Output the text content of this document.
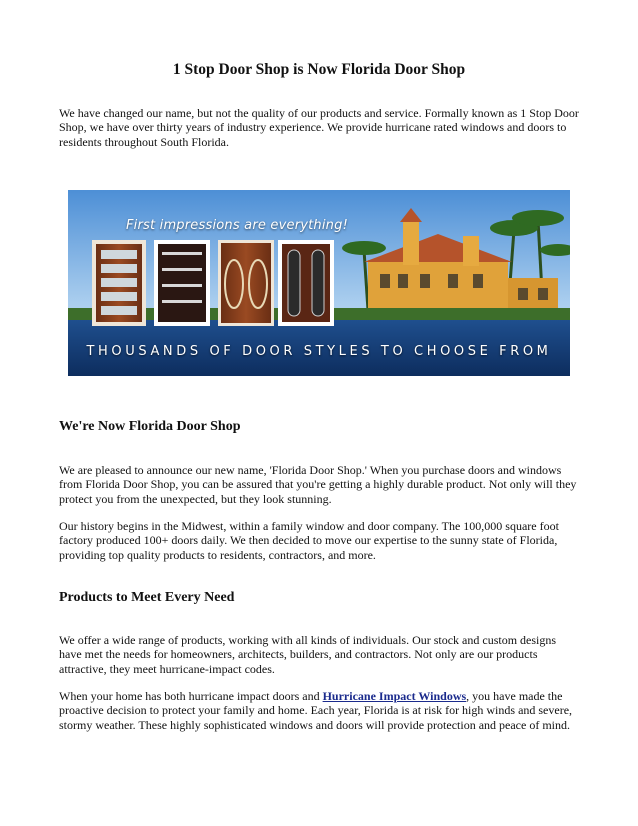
1 Stop Door Shop is Now Florida Door Shop

We have changed our name, but not the quality of our products and service. Formally known as 1 Stop Door Shop, we have over thirty years of industry experience. We provide hurricane rated windows and doors to residents throughout South Florida.

First impressions are everything!
THOUSANDS OF DOOR STYLES TO CHOOSE FROM
We're Now Florida Door Shop

We are pleased to announce our new name, 'Florida Door Shop.' When you purchase doors and windows from Florida Door Shop, you can be assured that you're getting a highly durable product. Not only will they protect you from the unexpected, but they look stunning.

Our history begins in the Midwest, within a family window and door company. The 100,000 square foot factory produced 100+ doors daily. We then decided to move our expertise to the sunny state of Florida, providing top quality products to residents, contractors, and more.

Products to Meet Every Need

We offer a wide range of products, working with all kinds of individuals. Our stock and custom designs have met the needs for homeowners, architects, builders, and contractors. Not only are our products attractive, they meet hurricane-impact codes.

When your home has both hurricane impact doors and Hurricane Impact Windows, you have made the proactive decision to protect your family and home. Each year, Florida is at risk for high winds and severe, stormy weather. These highly sophisticated windows and doors will provide protection and peace of mind.
